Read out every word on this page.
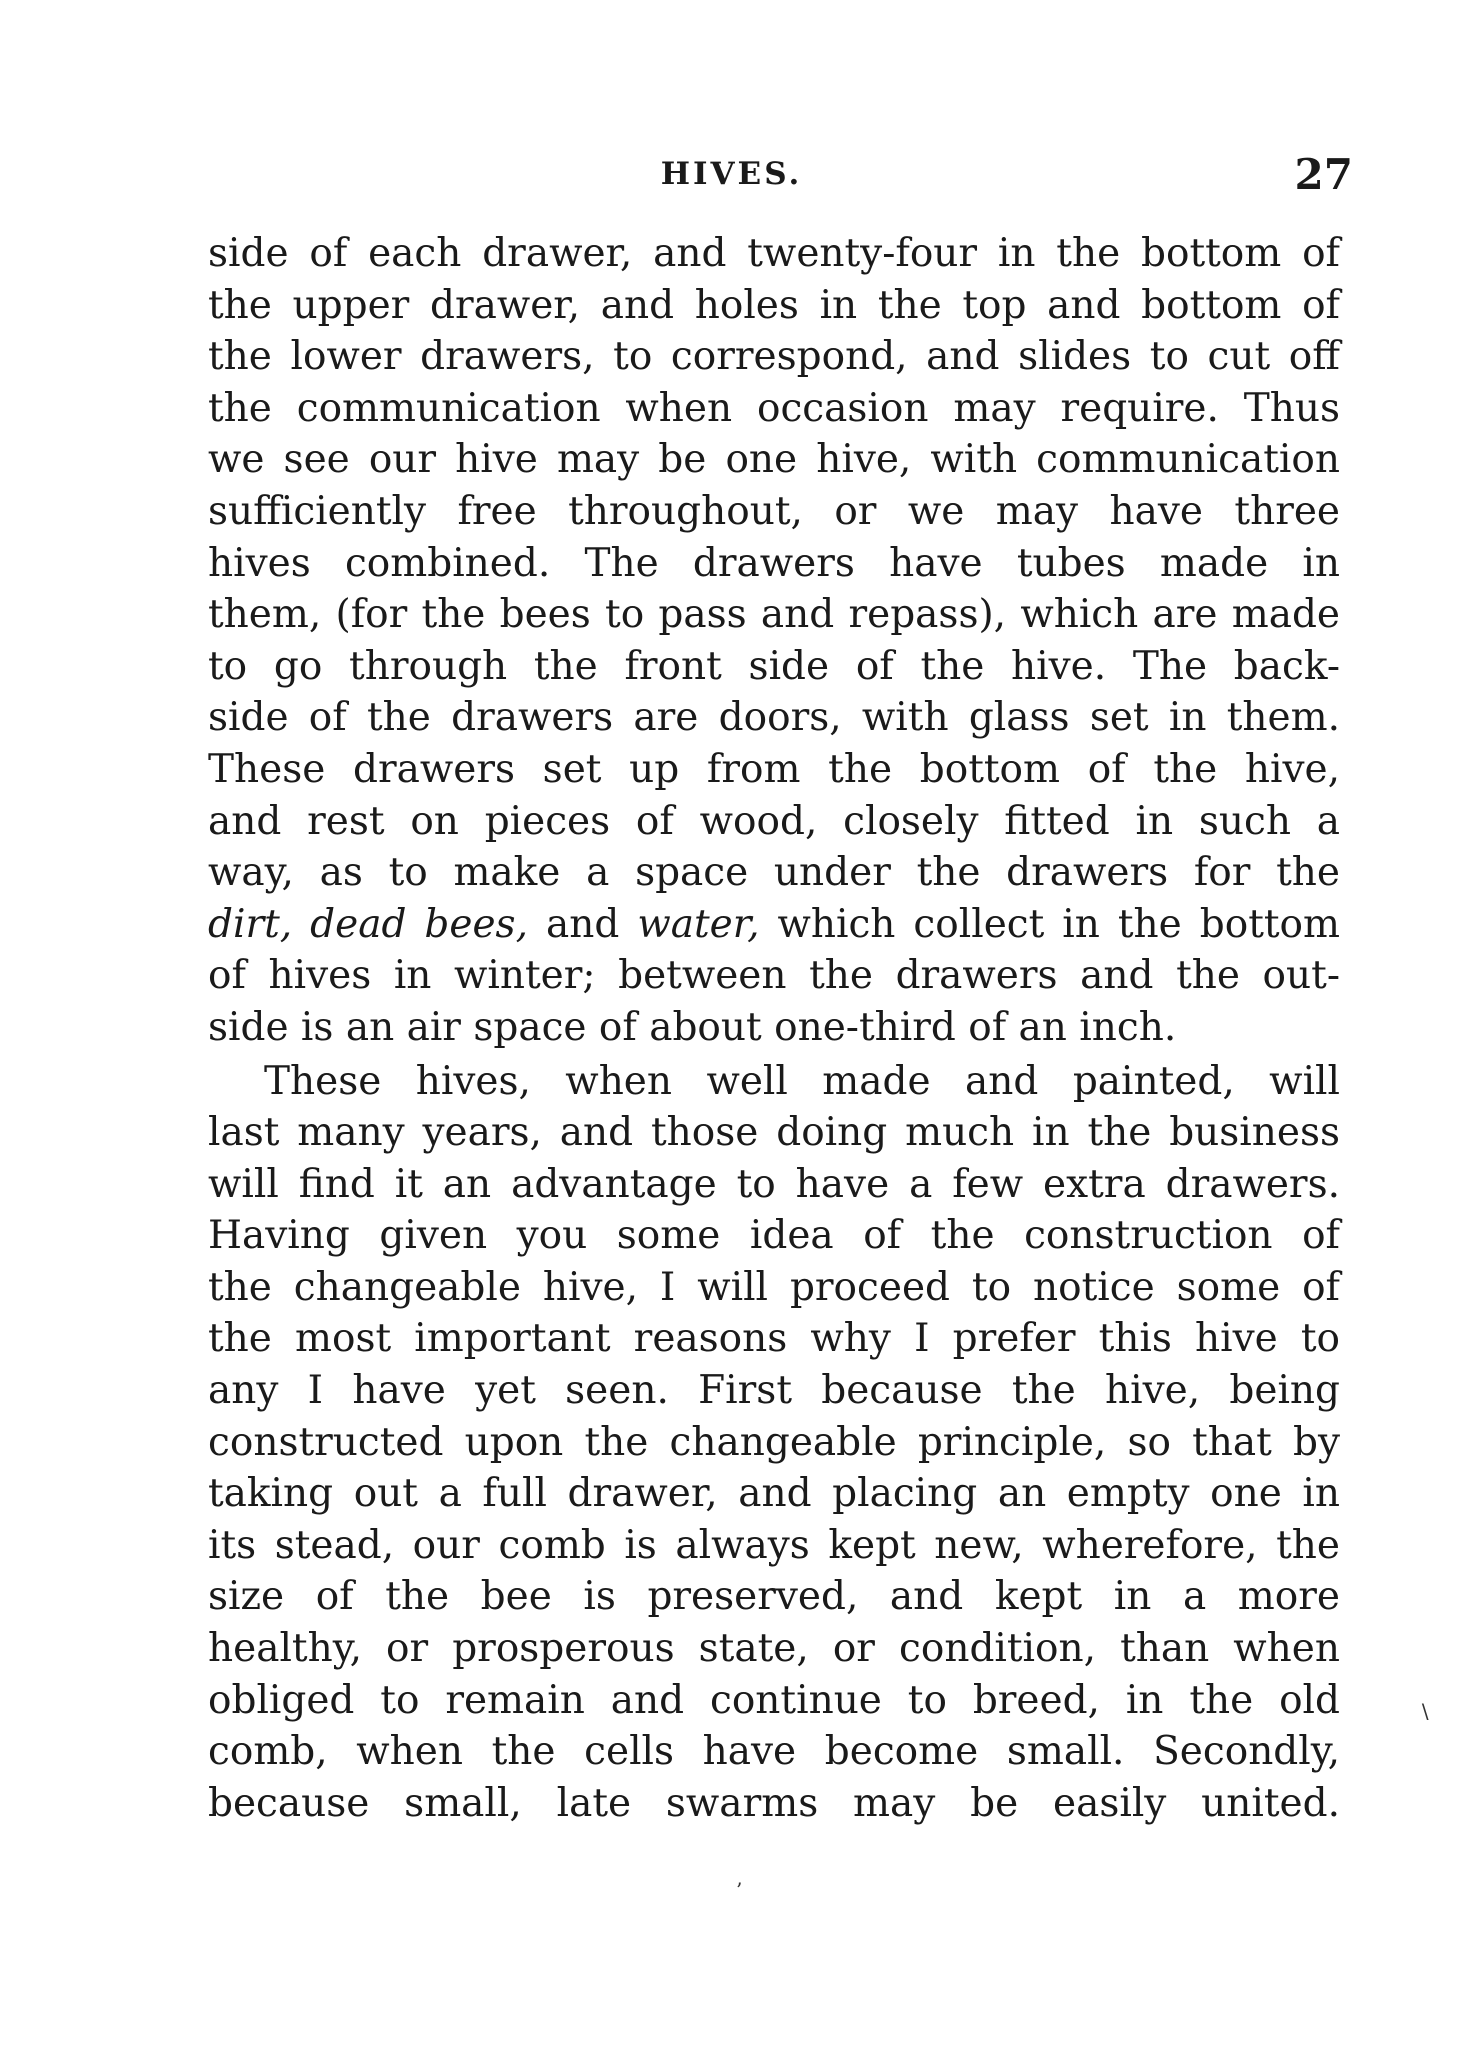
HIVES.	27
side of each drawer, and twenty-four in the bottom of
the upper drawer, and holes in the top and bottom of
the lower drawers, to correspond, and slides to cut off
the communication when occasion may require. Thus
we see our hive may be one hive, with communication
sufficiently free throughout, or we may have three
hives combined. The drawers have tubes made in
them, (for the bees to pass and repass), which are made
to go through the front side of the hive. The back-
side of the drawers are doors, with glass set in them.
These drawers set up from the bottom of the hive,
and rest on pieces of wood, closely fitted in such a
way, as to make a space under the drawers for the
dirt, dead bees, and water, which collect in the bottom
of hives in winter; between the drawers and the out-
side is an air space of about one-third of an inch.
These hives, when well made and painted, will
last many years, and those doing much in the business
will find it an advantage to have a few extra drawers.
Having given you some idea of the construction of
the changeable hive, I will proceed to notice some of
the most important reasons why I prefer this hive to
any I have yet seen. First because the hive, being
constructed upon the changeable principle, so that by
taking out a full drawer, and placing an empty one in
its stead, our comb is always kept new, wherefore, the
size of the bee is preserved, and kept in a more
healthy, or prosperous state, or condition, than when
obliged to remain and continue to breed, in the old
comb, when the cells have become small. Secondly,
because small, late swarms may be easily united.
’
∖
